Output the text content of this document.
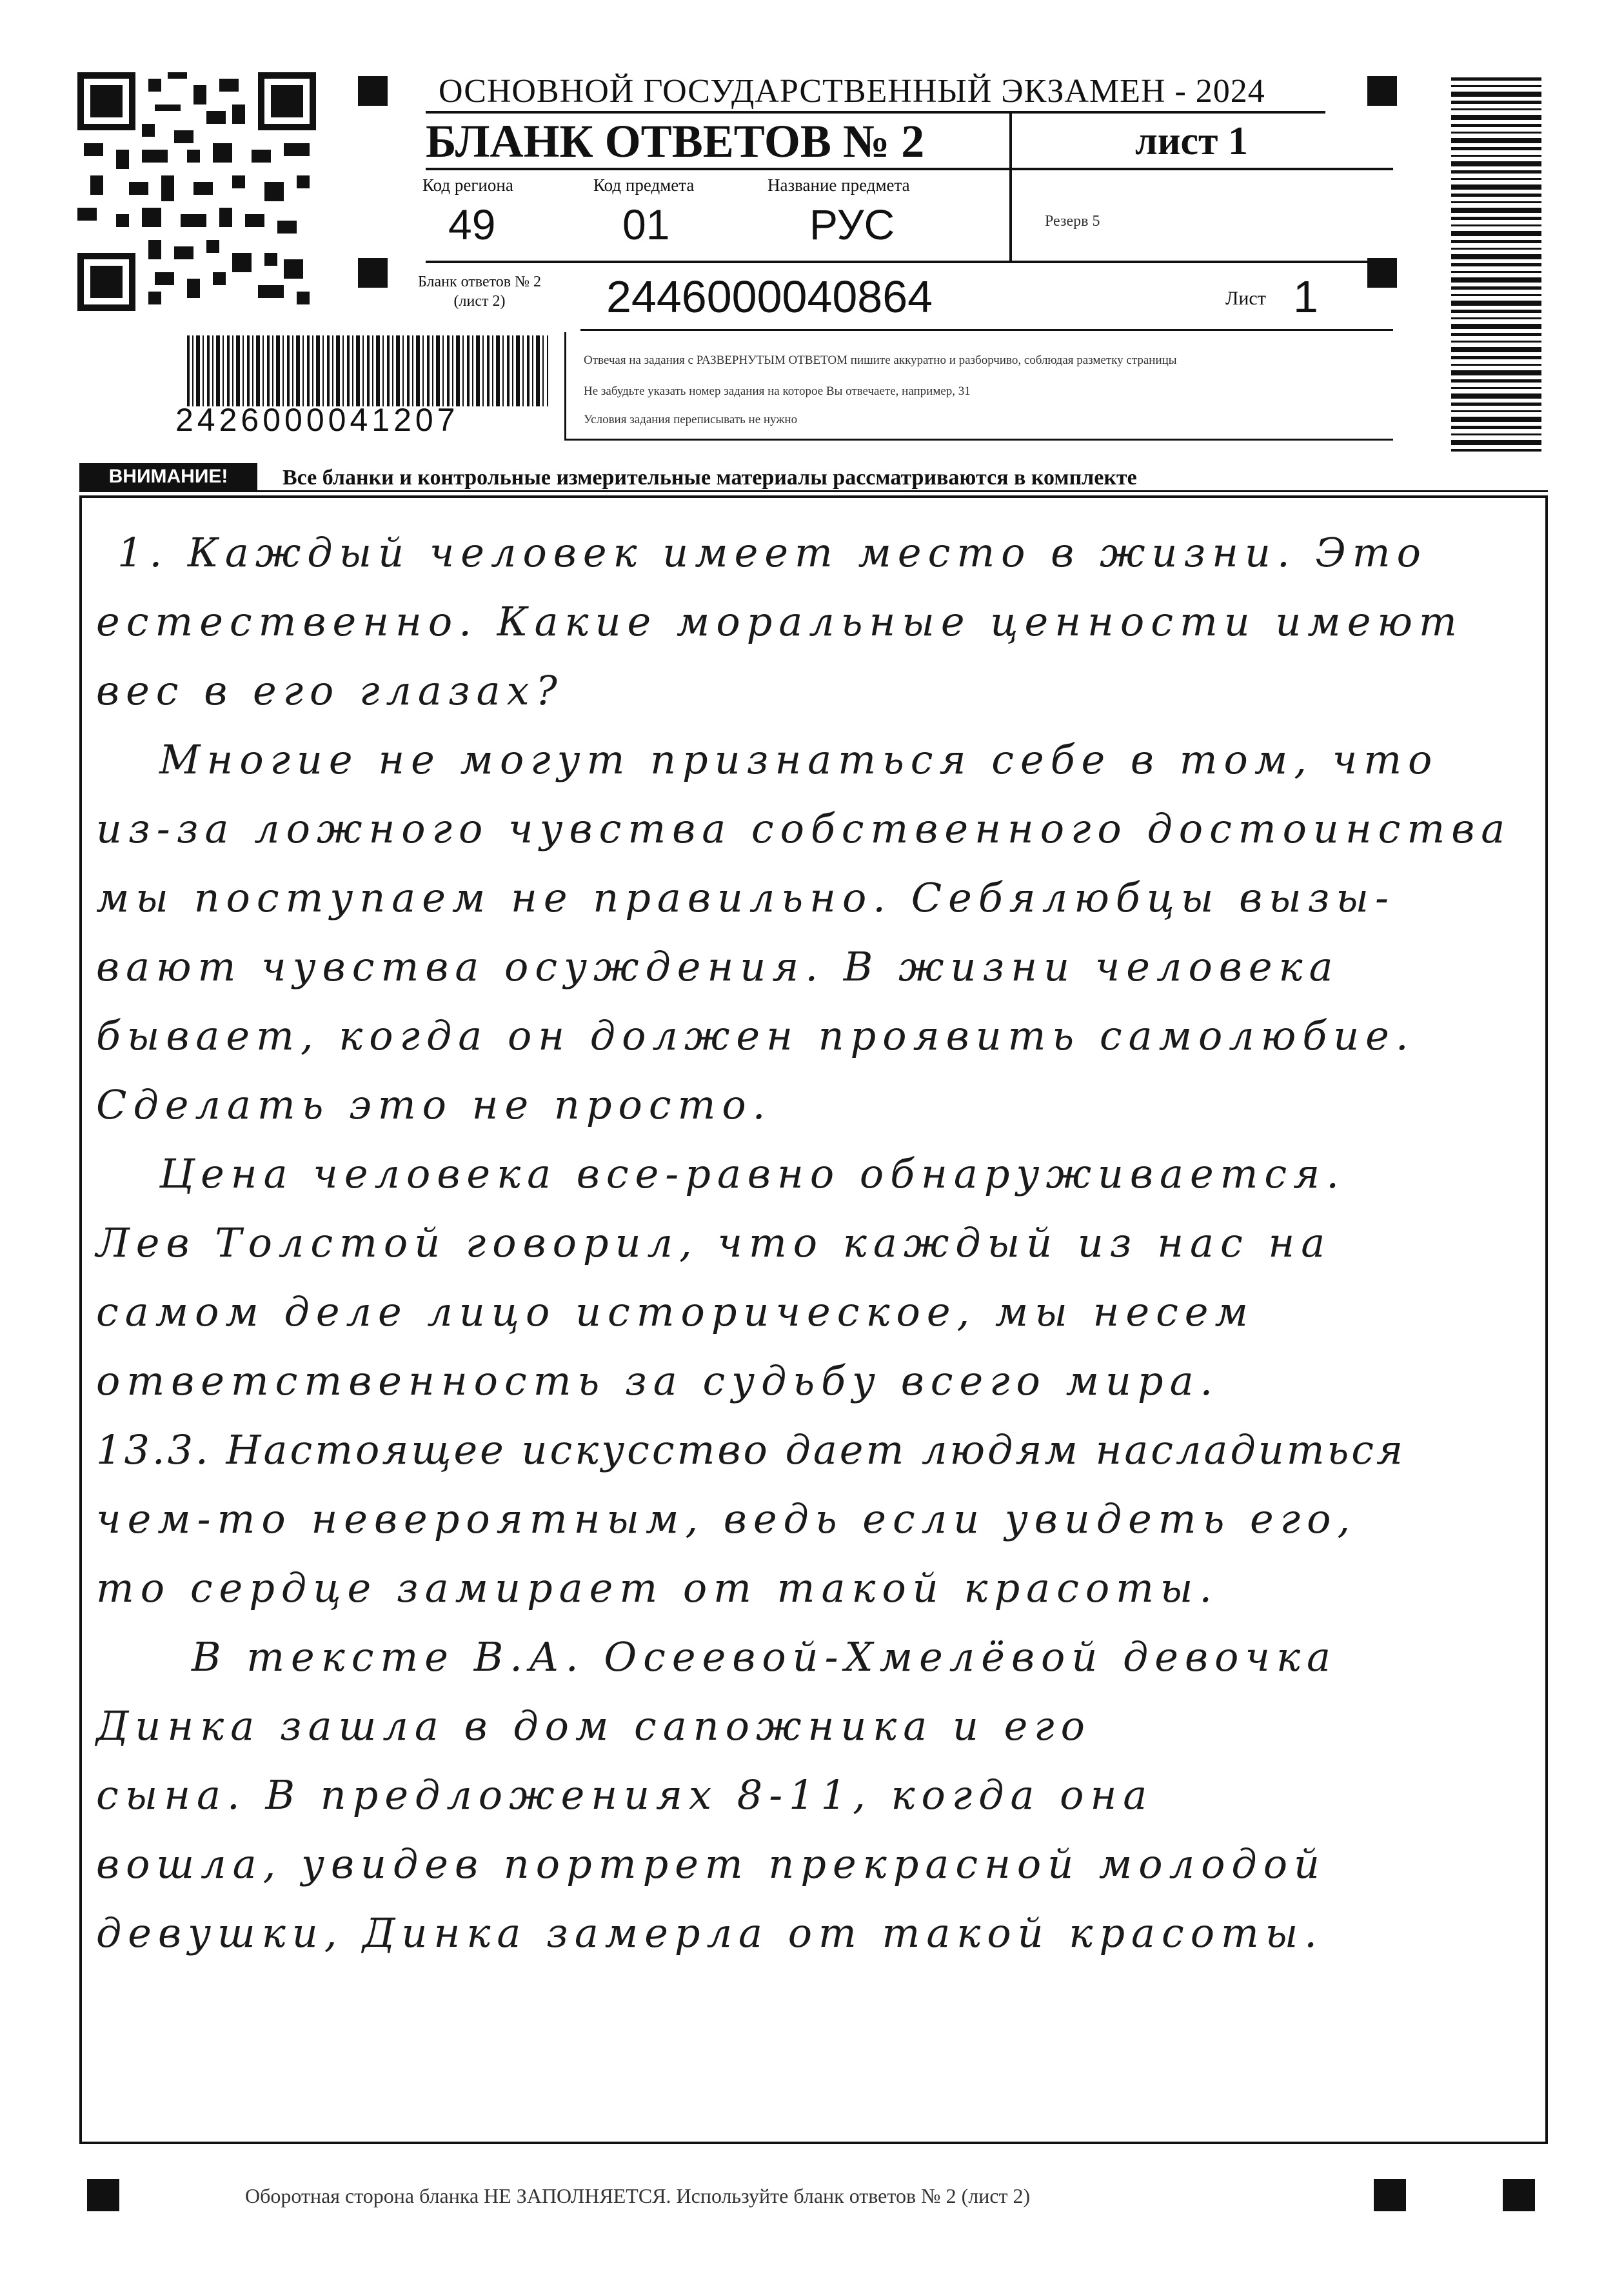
ОСНОВНОЙ ГОСУДАРСТВЕННЫЙ ЭКЗАМЕН - 2024
БЛАНК ОТВЕТОВ № 2	лист 1
Код региона	Код предмета	Название предмета
49	01	РУС	Резерв 5
Бланк ответов № 2
(лист 2)	2446000040864	Лист 1
2426000041207
Отвечая на задания с РАЗВЕРНУТЫМ ОТВЕТОМ пишите аккуратно и разборчиво, соблюдая разметку страницы
Не забудьте указать номер задания на которое Вы отвечаете, например, 31
Условия задания переписывать не нужно
ВНИМАНИЕ!	Все бланки и контрольные измерительные материалы рассматриваются в комплекте
1. Каждый человек имеет место в жизни. Это
естественно. Какие моральные ценности имеют
вес в его глазах?
Многие не могут признаться себе в том, что
из-за ложного чувства собственного достоинства
мы поступаем не правильно. Себялюбцы вызы-
вают чувства осуждения. В жизни человека
бывает, когда он должен проявить самолюбие.
Сделать это не просто.
Цена человека все-равно обнаруживается.
Лев Толстой говорил, что каждый из нас на
самом деле лицо историческое, мы несем
ответственность за судьбу всего мира.
13.3. Настоящее искусство дает людям насладиться
чем-то невероятным, ведь если увидеть его,
то сердце замирает от такой красоты.
В тексте В.А. Осеевой-Хмелёвой девочка
Динка зашла в дом сапожника и его
сына. В предложениях 8-11, когда она
вошла, увидев портрет прекрасной молодой
девушки, Динка замерла от такой красоты.
Оборотная сторона бланка НЕ ЗАПОЛНЯЕТСЯ. Используйте бланк ответов № 2 (лист 2)
